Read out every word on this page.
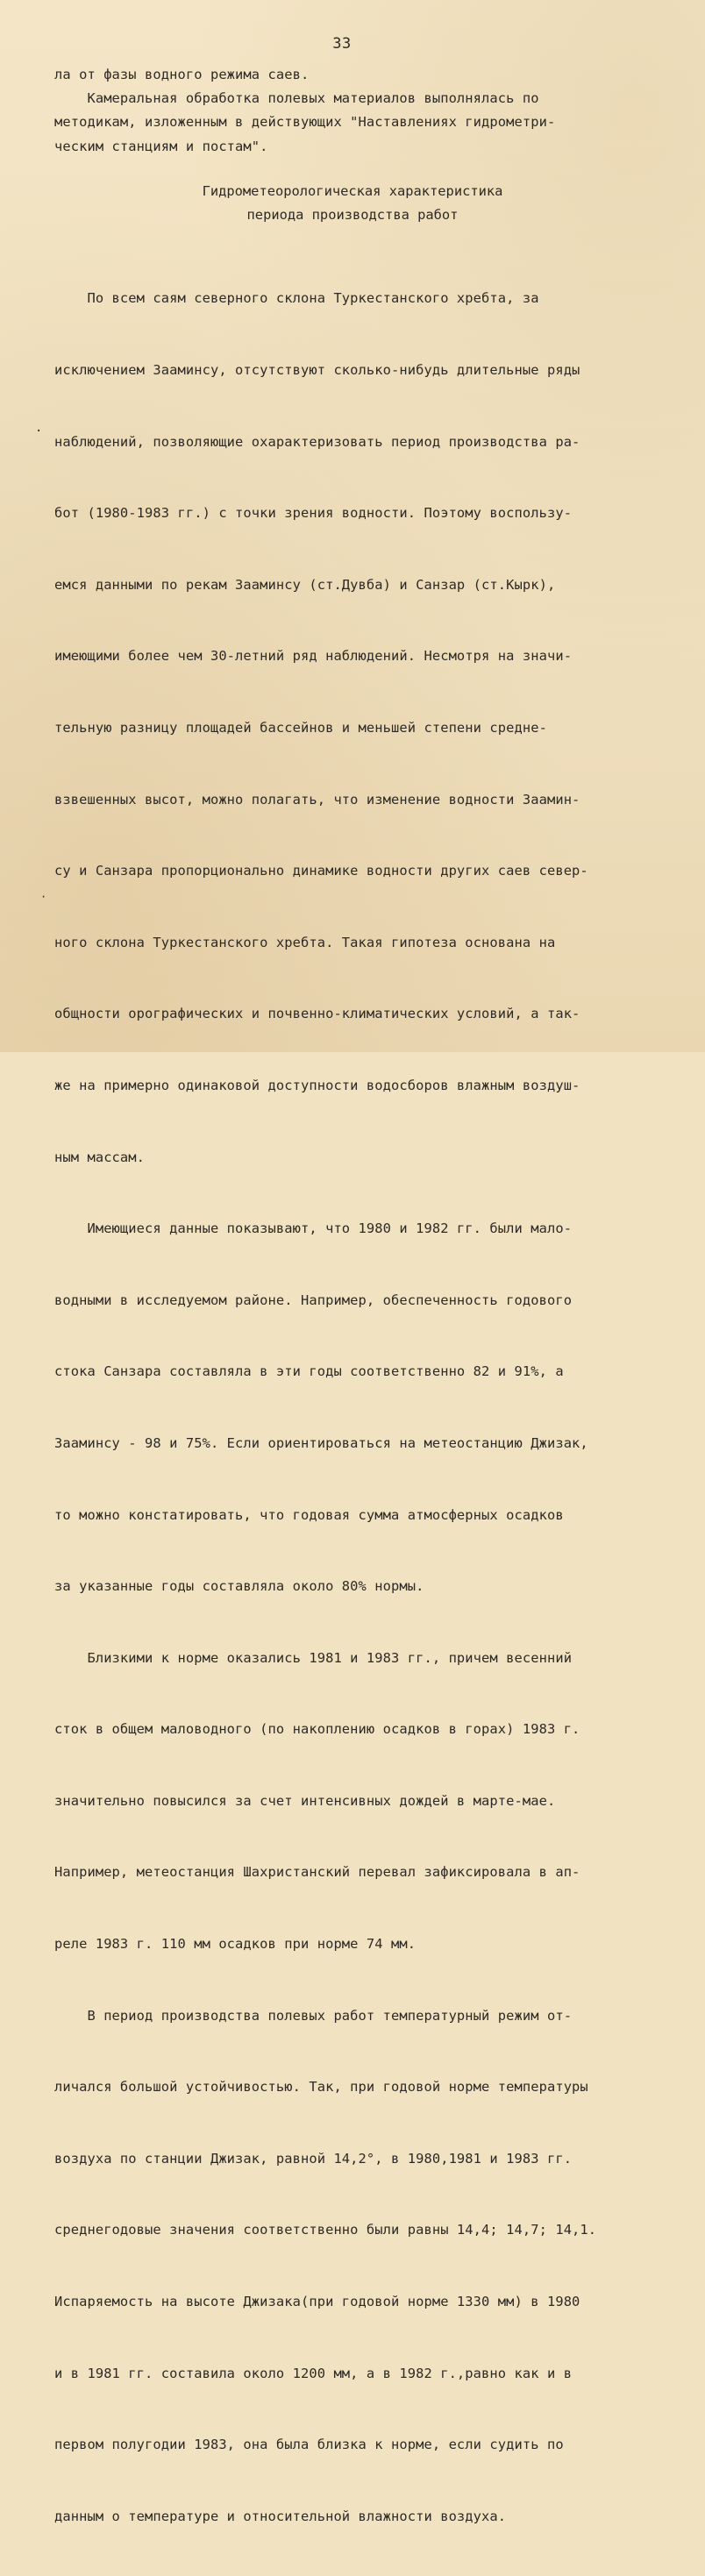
33
ла от фазы водного режима саев.
Камеральная обработка полевых материалов выполнялась по
методикам, изложенным в действующих "Наставлениях гидрометри-
ческим станциям и постам".
Гидрометеорологическая характеристика
периода производства работ

По всем саям северного склона Туркестанского хребта, за

исключением Зааминсу, отсутствуют сколько-нибудь длительные ряды

наблюдений, позволяющие охарактеризовать период производства ра-

бот (1980-1983 гг.) с точки зрения водности. Поэтому воспользу-

емся данными по рекам Зааминсу (ст.Дувба) и Санзар (ст.Кырк),

имеющими более чем 30-летний ряд наблюдений. Несмотря на значи-

тельную разницу площадей бассейнов и меньшей степени средне-

взвешенных высот, можно полагать, что изменение водности Заамин-

су и Санзара пропорционально динамике водности других саев север-

ного склона Туркестанского хребта. Такая гипотеза основана на

общности орографических и почвенно-климатических условий, а так-

же на примерно одинаковой доступности водосборов влажным воздуш-

ным массам.

Имеющиеся данные показывают, что 1980 и 1982 гг. были мало-

водными в исследуемом районе. Например, обеспеченность годового

стока Санзара составляла в эти годы соответственно 82 и 91%, а

Зааминсу - 98 и 75%. Если ориентироваться на метеостанцию Джизак,

то можно констатировать, что годовая сумма атмосферных осадков

за указанные годы составляла около 80% нормы.

Близкими к норме оказались 1981 и 1983 гг., причем весенний

сток в общем маловодного (по накоплению осадков в горах) 1983 г.

значительно повысился за счет интенсивных дождей в марте-мае.

Например, метеостанция Шахристанский перевал зафиксировала в ап-

реле 1983 г. 110 мм осадков при норме 74 мм.

В период производства полевых работ температурный режим от-

личался большой устойчивостью. Так, при годовой норме температуры

воздуха по станции Джизак, равной 14,2°, в 1980,1981 и 1983 гг.

среднегодовые значения соответственно были равны 14,4; 14,7; 14,1.

Испаряемость на высоте Джизака(при годовой норме 1330 мм) в 1980

и в 1981 гг. составила около 1200 мм, а в 1982 г.,равно как и в

первом полугодии 1983, она была близка к норме, если судить по

данным о температуре и относительной влажности воздуха.

·
·
